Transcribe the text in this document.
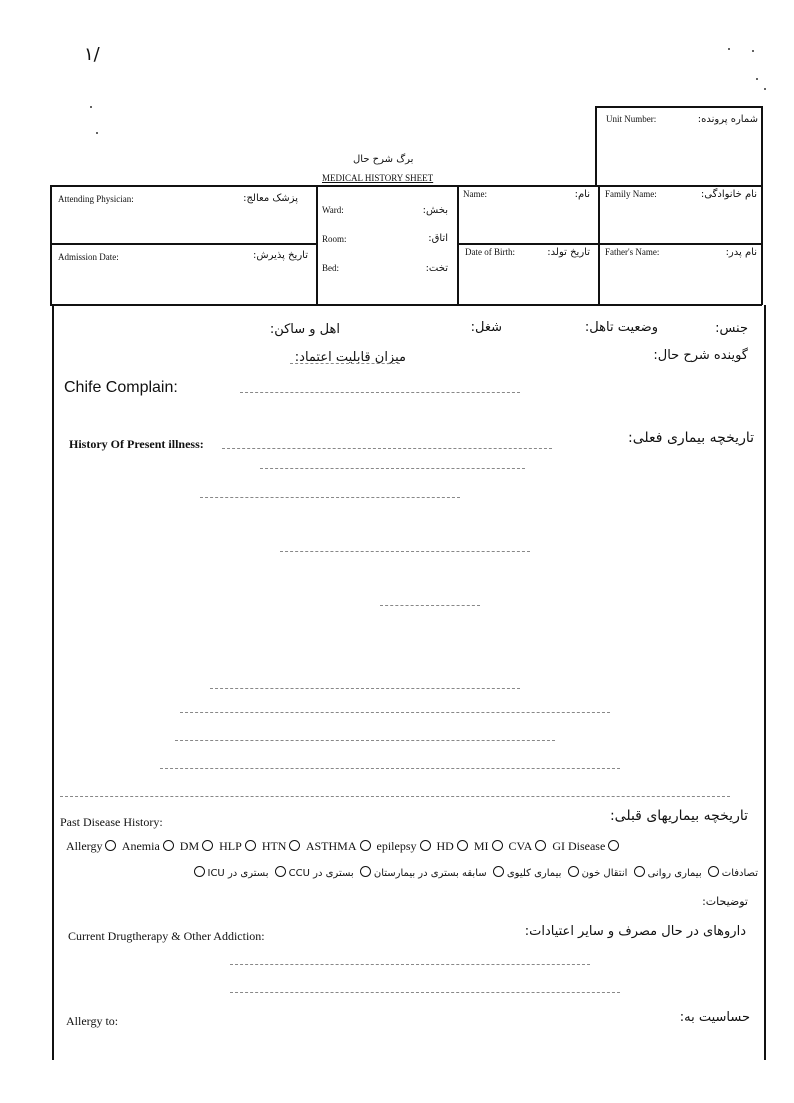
۱/
Unit Number:	شماره پرونده:
برگ شرح حال
MEDICAL HISTORY SHEET
Attending Physician:	پزشک معالج:
Admission Date:	تاریخ پذیرش:
Ward:	بخش:
Room:	اتاق:
Bed:	تخت:
Name:	نام:
Date of Birth:	تاریخ تولد:
Family Name:	نام خانوادگی:
Father's Name:	نام پدر:
جنس:
وضعیت تاهل:
شغل:
اهل و ساکن:
گوینده شرح حال:
میزان قابلیت اعتماد:
Chife Complain:
History Of Present illness:	تاریخچه بیماری فعلی:
Past Disease History:	تاریخچه بیماریهای قبلی:
Allergy Anemia DM HLP HTN ASTHMA epilepsy HD MI CVA GI Disease
تصادفات بیماری روانی انتقال خون بیماری کلیوی سابقه بستری در بیمارستان بستری در CCU بستری در ICU
توضیحات:
Current Drugtherapy & Other Addiction:	داروهای در حال مصرف و سایر اعتیادات:
Allergy to:	حساسیت به:
